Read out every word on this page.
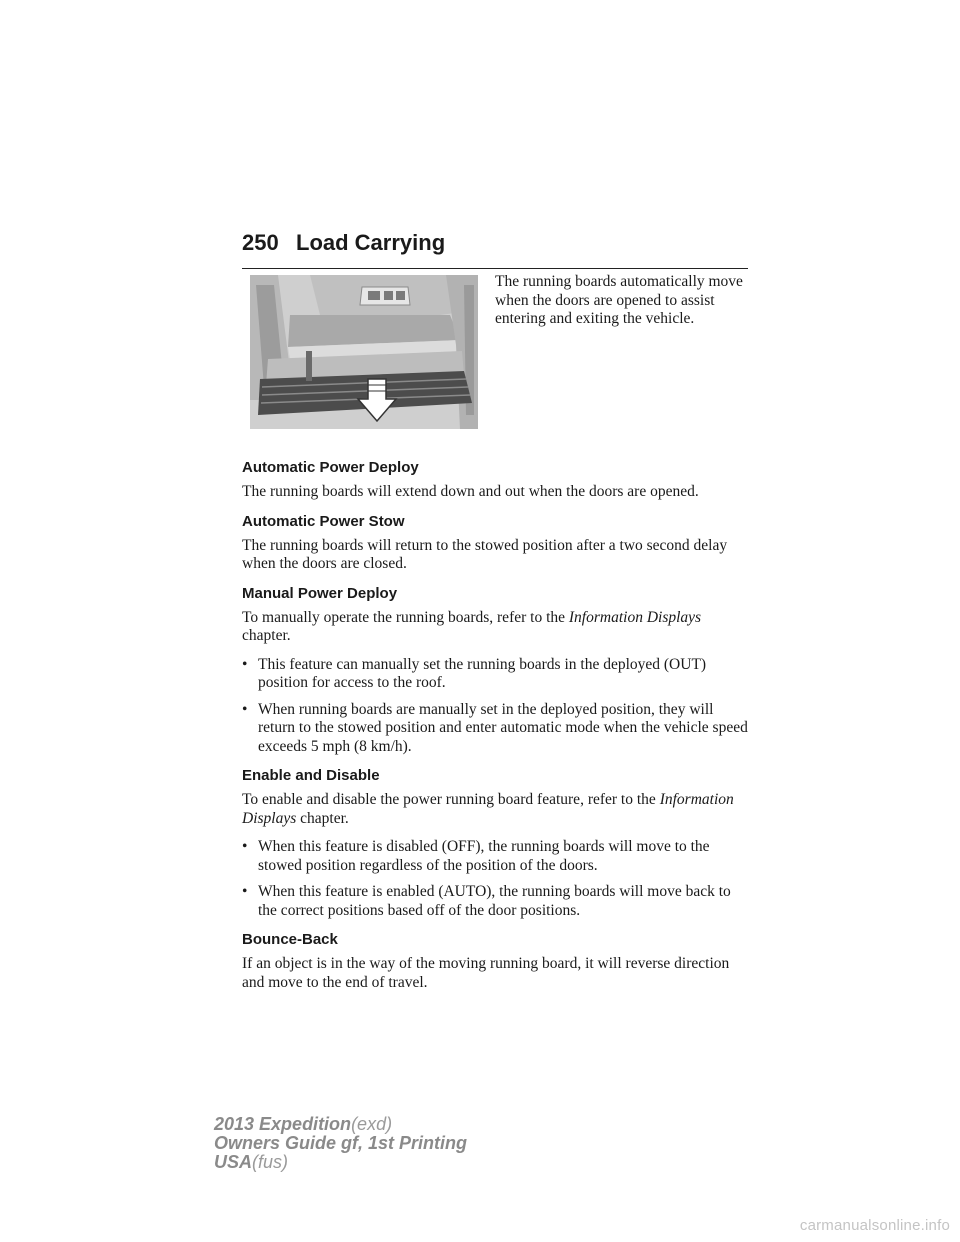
250 Load Carrying

The running boards automatically move when the doors are opened to assist entering and exiting the vehicle.

Automatic Power Deploy

The running boards will extend down and out when the doors are opened.

Automatic Power Stow

The running boards will return to the stowed position after a two second delay when the doors are closed.

Manual Power Deploy

To manually operate the running boards, refer to the Information Displays chapter.

• This feature can manually set the running boards in the deployed (OUT) position for access to the roof.
• When running boards are manually set in the deployed position, they will return to the stowed position and enter automatic mode when the vehicle speed exceeds 5 mph (8 km/h).
Enable and Disable

To enable and disable the power running board feature, refer to the Information Displays chapter.

• When this feature is disabled (OFF), the running boards will move to the stowed position regardless of the position of the doors.
• When this feature is enabled (AUTO), the running boards will move back to the correct positions based off of the door positions.
Bounce-Back

If an object is in the way of the moving running board, it will reverse direction and move to the end of travel.

2013 Expedition(exd)
Owners Guide gf, 1st Printing
USA(fus)
carmanualsonline.info
